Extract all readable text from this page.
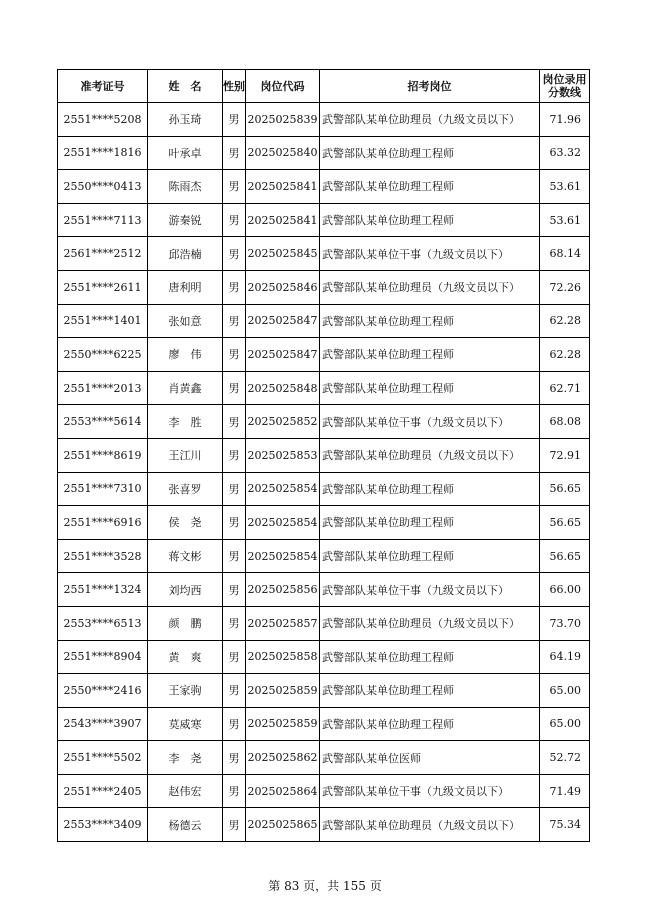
准考证号	姓　名	性别	岗位代码	招考岗位	岗位录用分数线
2551****5208	孙玉琦	男	2025025839	武警部队某单位助理员（九级文员以下）	71.96
2551****1816	叶承卓	男	2025025840	武警部队某单位助理工程师	63.32
2550****0413	陈雨杰	男	2025025841	武警部队某单位助理工程师	53.61
2551****7113	游秦锐	男	2025025841	武警部队某单位助理工程师	53.61
2561****2512	邱浩楠	男	2025025845	武警部队某单位干事（九级文员以下）	68.14
2551****2611	唐利明	男	2025025846	武警部队某单位助理员（九级文员以下）	72.26
2551****1401	张如意	男	2025025847	武警部队某单位助理工程师	62.28
2550****6225	廖　伟	男	2025025847	武警部队某单位助理工程师	62.28
2551****2013	肖黄鑫	男	2025025848	武警部队某单位助理工程师	62.71
2553****5614	李　胜	男	2025025852	武警部队某单位干事（九级文员以下）	68.08
2551****8619	王江川	男	2025025853	武警部队某单位助理员（九级文员以下）	72.91
2551****7310	张喜罗	男	2025025854	武警部队某单位助理工程师	56.65
2551****6916	侯　尧	男	2025025854	武警部队某单位助理工程师	56.65
2551****3528	蒋文彬	男	2025025854	武警部队某单位助理工程师	56.65
2551****1324	刘均西	男	2025025856	武警部队某单位干事（九级文员以下）	66.00
2553****6513	颜　鹏	男	2025025857	武警部队某单位助理员（九级文员以下）	73.70
2551****8904	黄　爽	男	2025025858	武警部队某单位助理工程师	64.19
2550****2416	王家驹	男	2025025859	武警部队某单位助理工程师	65.00
2543****3907	莫威寒	男	2025025859	武警部队某单位助理工程师	65.00
2551****5502	李　尧	男	2025025862	武警部队某单位医师	52.72
2551****2405	赵伟宏	男	2025025864	武警部队某单位干事（九级文员以下）	71.49
2553****3409	杨德云	男	2025025865	武警部队某单位助理员（九级文员以下）	75.34
第 83 页，共 155 页
